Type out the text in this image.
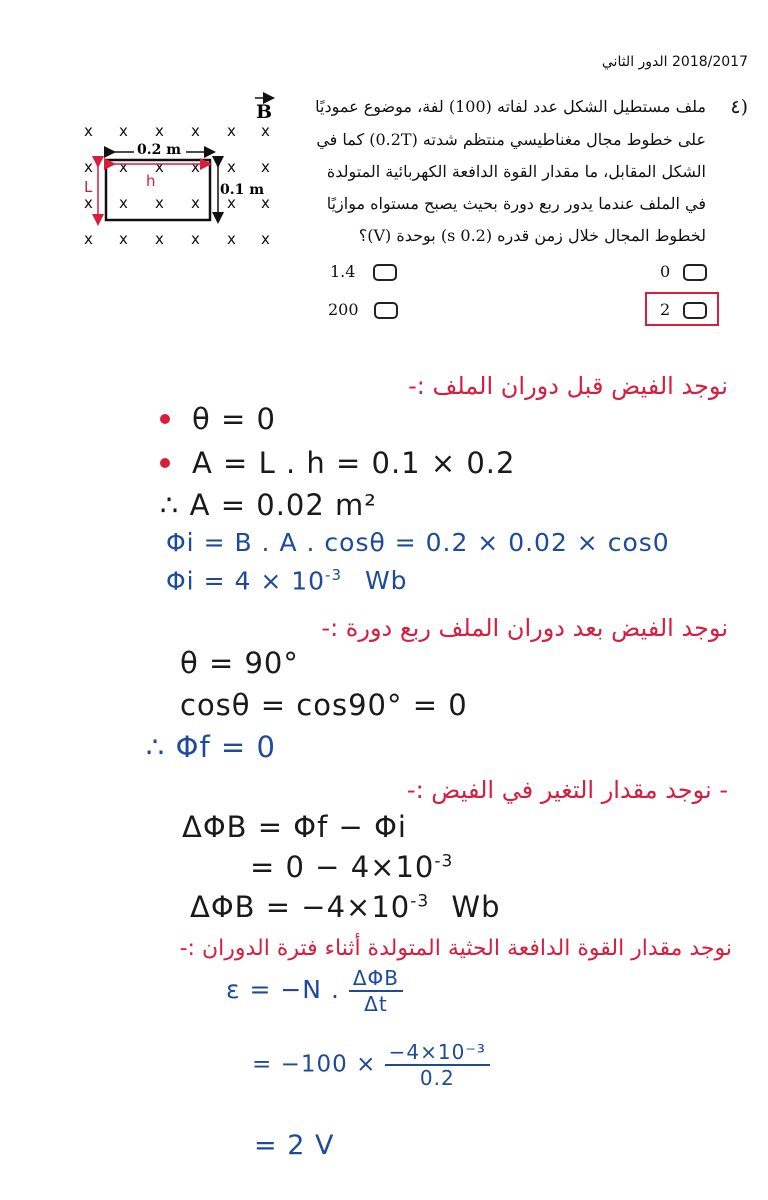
2018/2017 الدور الثاني
٤)
ملف مستطيل الشكل عدد لفاته (100) لفة، موضوع عموديًا
على خطوط مجال مغناطيسي منتظم شدته (0.2T) كما في
الشكل المقابل، ما مقدار القوة الدافعة الكهربائية المتولدة
في الملف عندما يدور ربع دورة بحيث يصبح مستواه موازيًا
لخطوط المجال خلال زمن قدره (0.2 s) بوحدة (V)؟
0
1.4
2
200
B
x x x x x x
x x x x x x
x x x x x x
x x x x x x
0.2 m
0.1 m
h
L
نوجد الفيض قبل دوران الملف :-
θ = 0
A = L . h = 0.1 × 0.2
∴ A = 0.02 m²
Φi = B . A . cosθ = 0.2 × 0.02 × cos0
$\Phi i = 4 \times 10^{-3}$ Wb
نوجد الفيض بعد دوران الملف ربع دورة :-
θ = 90°
cosθ = cos90° = 0
∴ Φf = 0
- نوجد مقدار التغير في الفيض :-
ΔΦB = Φf − Φi
= $0 - 4\times 10^{-3}$
$\Delta\Phi B = -4\times 10^{-3}$ Wb
نوجد مقدار القوة الدافعة الحثية المتولدة أثناء فترة الدوران :-
ε = −N . $\frac{\text{ΔΦB}}{\Delta t}$
= $-100 \times \frac{\text{−4×10⁻³}}{0.2}$
= 2 V
